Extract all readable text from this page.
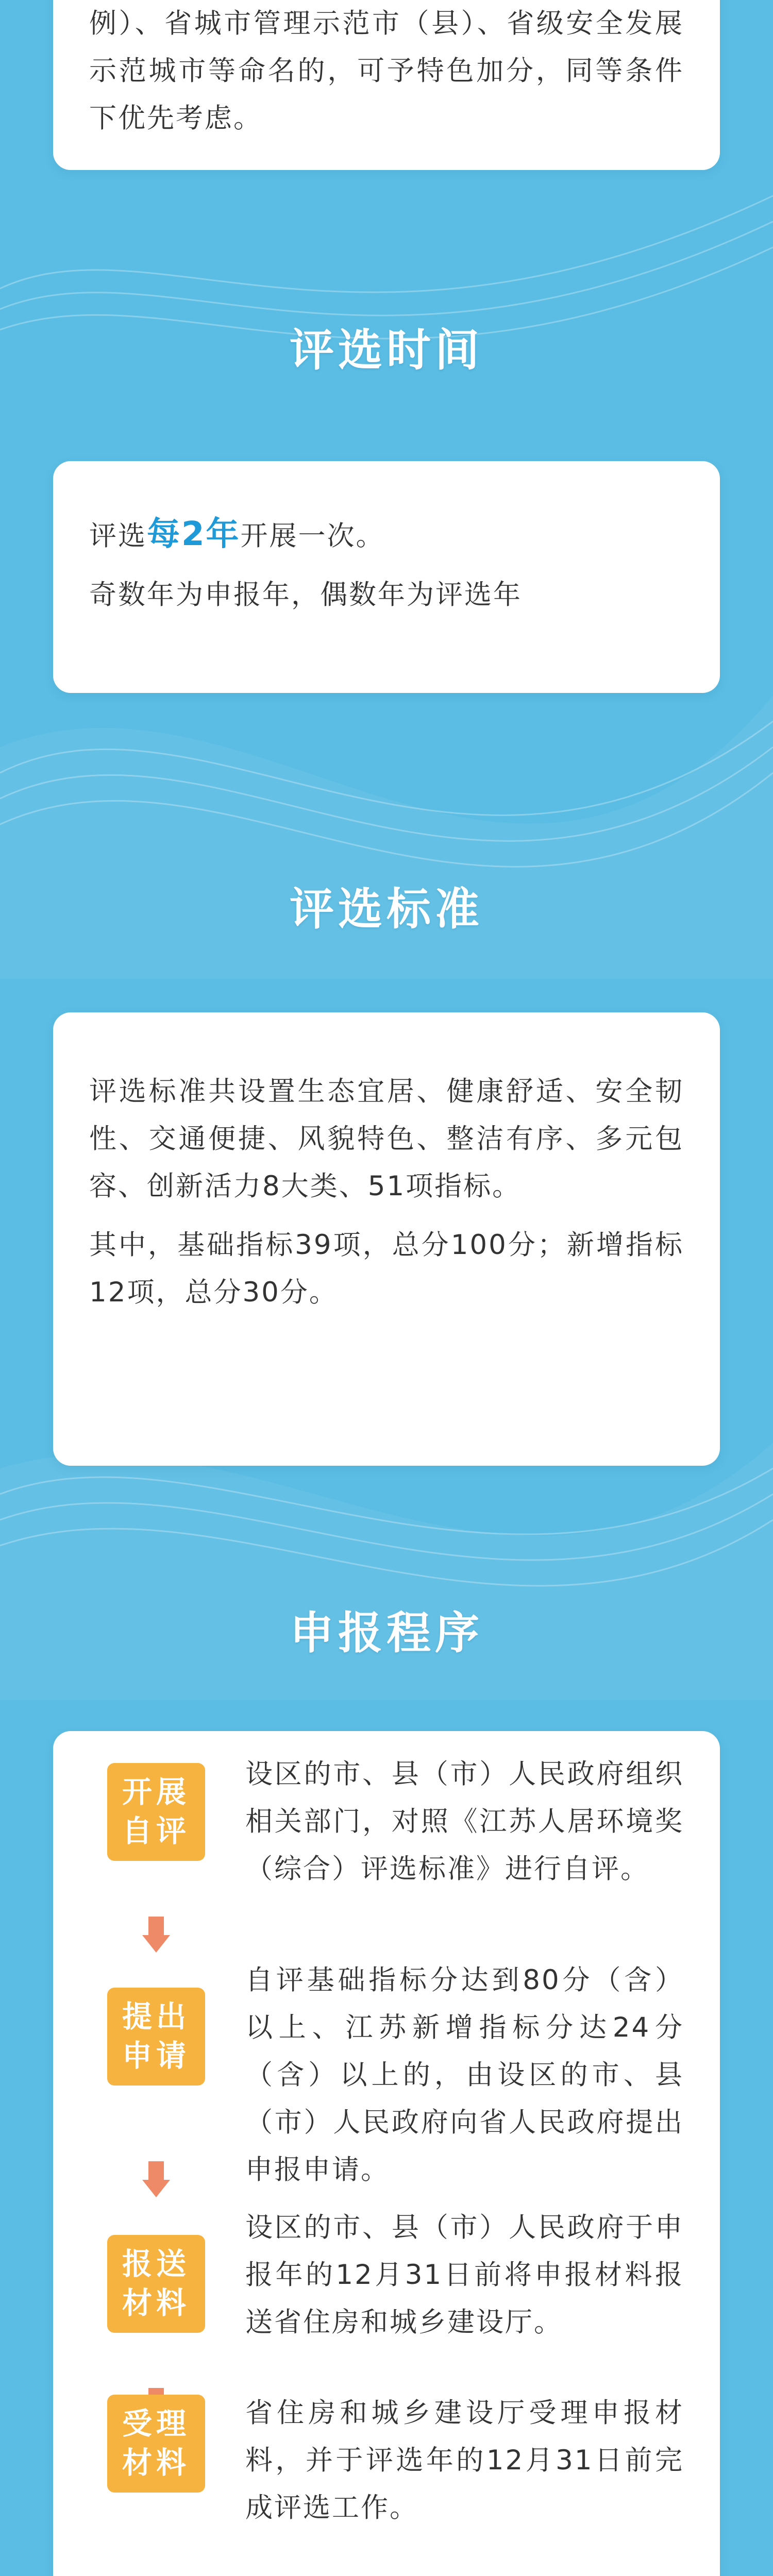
例）、省城市管理示范市（县）、省级安全发展示范城市等命名的，可予特色加分，同等条件下优先考虑。

评选时间

评选每2年开展一次。

奇数年为申报年，偶数年为评选年

评选标准

评选标准共设置生态宜居、健康舒适、安全韧性、交通便捷、风貌特色、整洁有序、多元包容、创新活力8大类、51项指标。

其中，基础指标39项，总分100分；新增指标12项，总分30分。

申报程序
开展自评
设区的市、县（市）人民政府组织相关部门，对照《江苏人居环境奖（综合）评选标准》进行自评。
提出申请
自评基础指标分达到80分（含）以上、江苏新增指标分达24分（含）以上的，由设区的市、县（市）人民政府向省人民政府提出申报申请。
报送材料
设区的市、县（市）人民政府于申报年的12月31日前将申报材料报送省住房和城乡建设厅。
受理材料
省住房和城乡建设厅受理申报材料，并于评选年的12月31日前完成评选工作。
